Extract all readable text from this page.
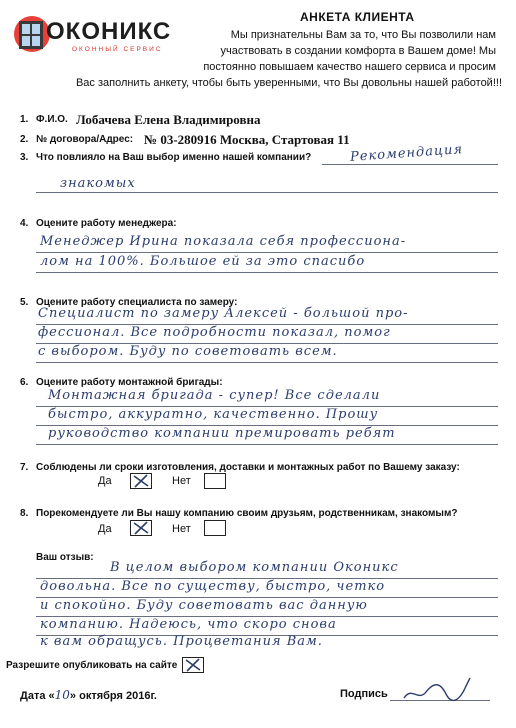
ОКОНИКС
ОКОННЫЙ СЕРВИС
АНКЕТА КЛИЕНТА
Мы признательны Вам за то, что Вы позволили нам
участвовать в создании комфорта в Вашем доме! Мы
постоянно повышаем качество нашего сервиса и просим
Вас заполнить анкету, чтобы быть уверенными, что Вы довольны нашей работой!!!
1. Ф.И.О. Лобачева Елена Владимировна
2. № договора/Адрес: № 03-280916 Москва, Стартовая 11
3. Что повлияло на Ваш выбор именно нашей компании?	Рекомендация
знакомых
4. Оцените работу менеджера:
Менеджер Ирина показала себя профессиона-
лом на 100%. Большое ей за это спасибо
5. Оцените работу специалиста по замеру:
Специалист по замеру Алексей - большой про-
фессионал. Все подробности показал, помог
с выбором. Буду по советовать всем.
6. Оцените работу монтажной бригады:
Монтажная бригада - супер! Все сделали
быстро, аккуратно, качественно. Прошу
руководство компании премировать ребят
7. Соблюдены ли сроки изготовления, доставки и монтажных работ по Вашему заказу:
Да	Нет
8. Порекомендуете ли Вы нашу компанию своим друзьям, родственникам, знакомым?
Да	Нет
Ваш отзыв:
В целом выбором компании Оконикс
довольна. Все по существу, быстро, четко
и спокойно. Буду советовать вас данную
компанию. Надеюсь, что скоро снова
к вам обращусь. Процветания Вам.
Разрешите опубликовать на сайте
Дата «10» октября 2016г.	Подпись
